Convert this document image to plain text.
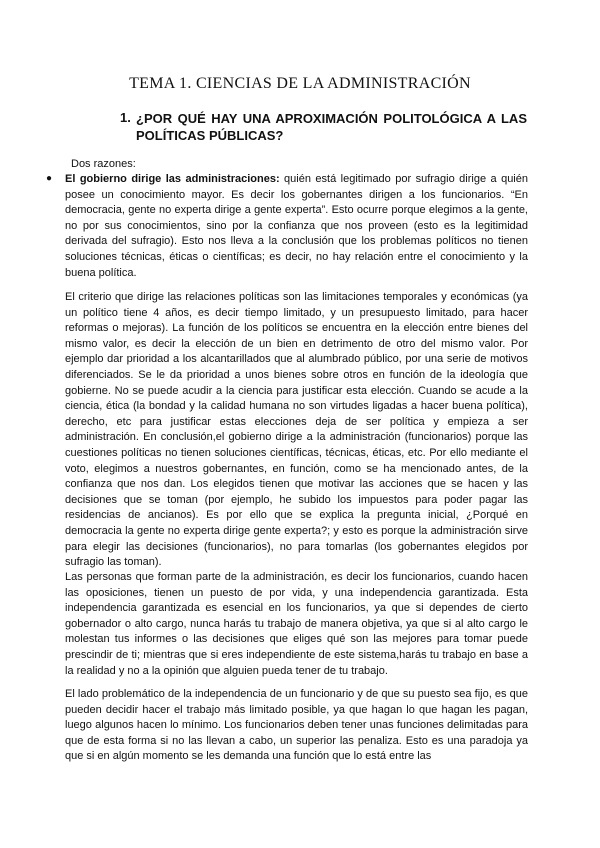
TEMA 1. CIENCIAS DE LA ADMINISTRACIÓN
1. ¿POR QUÉ HAY UNA APROXIMACIÓN POLITOLÓGICA A LAS POLÍTICAS PÚBLICAS?
Dos razones:
● El gobierno dirige las administraciones: quién está legitimado por sufragio dirige a quién posee un conocimiento mayor. Es decir los gobernantes dirigen a los funcionarios. “En democracia, gente no experta dirige a gente experta”. Esto ocurre porque elegimos a la gente, no por sus conocimientos, sino por la confianza que nos proveen (esto es la legitimidad derivada del sufragio). Esto nos lleva a la conclusión que los problemas políticos no tienen soluciones técnicas, éticas o científicas; es decir, no hay relación entre el conocimiento y la buena política.

El criterio que dirige las relaciones políticas son las limitaciones temporales y económicas (ya un político tiene 4 años, es decir tiempo limitado, y un presupuesto limitado, para hacer reformas o mejoras). La función de los políticos se encuentra en la elección entre bienes del mismo valor, es decir la elección de un bien en detrimento de otro del mismo valor. Por ejemplo dar prioridad a los alcantarillados que al alumbrado público, por una serie de motivos diferenciados. Se le da prioridad a unos bienes sobre otros en función de la ideología que gobierne. No se puede acudir a la ciencia para justificar esta elección. Cuando se acude a la ciencia, ética (la bondad y la calidad humana no son virtudes ligadas a hacer buena política), derecho, etc para justificar estas elecciones deja de ser política y empieza a ser administración. En conclusión,el gobierno dirige a la administración (funcionarios) porque las cuestiones políticas no tienen soluciones científicas, técnicas, éticas, etc. Por ello mediante el voto, elegimos a nuestros gobernantes, en función, como se ha mencionado antes, de la confianza que nos dan. Los elegidos tienen que motivar las acciones que se hacen y las decisiones que se toman (por ejemplo, he subido los impuestos para poder pagar las residencias de ancianos). Es por ello que se explica la pregunta inicial, ¿Porqué en democracia la gente no experta dirige gente experta?; y esto es porque la administración sirve para elegir las decisiones (funcionarios), no para tomarlas (los gobernantes elegidos por sufragio las toman).

Las personas que forman parte de la administración, es decir los funcionarios, cuando hacen las oposiciones, tienen un puesto de por vida, y una independencia garantizada. Esta independencia garantizada es esencial en los funcionarios, ya que si dependes de cierto gobernador o alto cargo, nunca harás tu trabajo de manera objetiva, ya que si al alto cargo le molestan tus informes o las decisiones que eliges qué son las mejores para tomar puede prescindir de ti; mientras que si eres independiente de este sistema,harás tu trabajo en base a la realidad y no a la opinión que alguien pueda tener de tu trabajo.

El lado problemático de la independencia de un funcionario y de que su puesto sea fijo, es que pueden decidir hacer el trabajo más limitado posible, ya que hagan lo que hagan les pagan, luego algunos hacen lo mínimo. Los funcionarios deben tener unas funciones delimitadas para que de esta forma si no las llevan a cabo, un superior las penaliza. Esto es una paradoja ya que si en algún momento se les demanda una función que lo está entre las
